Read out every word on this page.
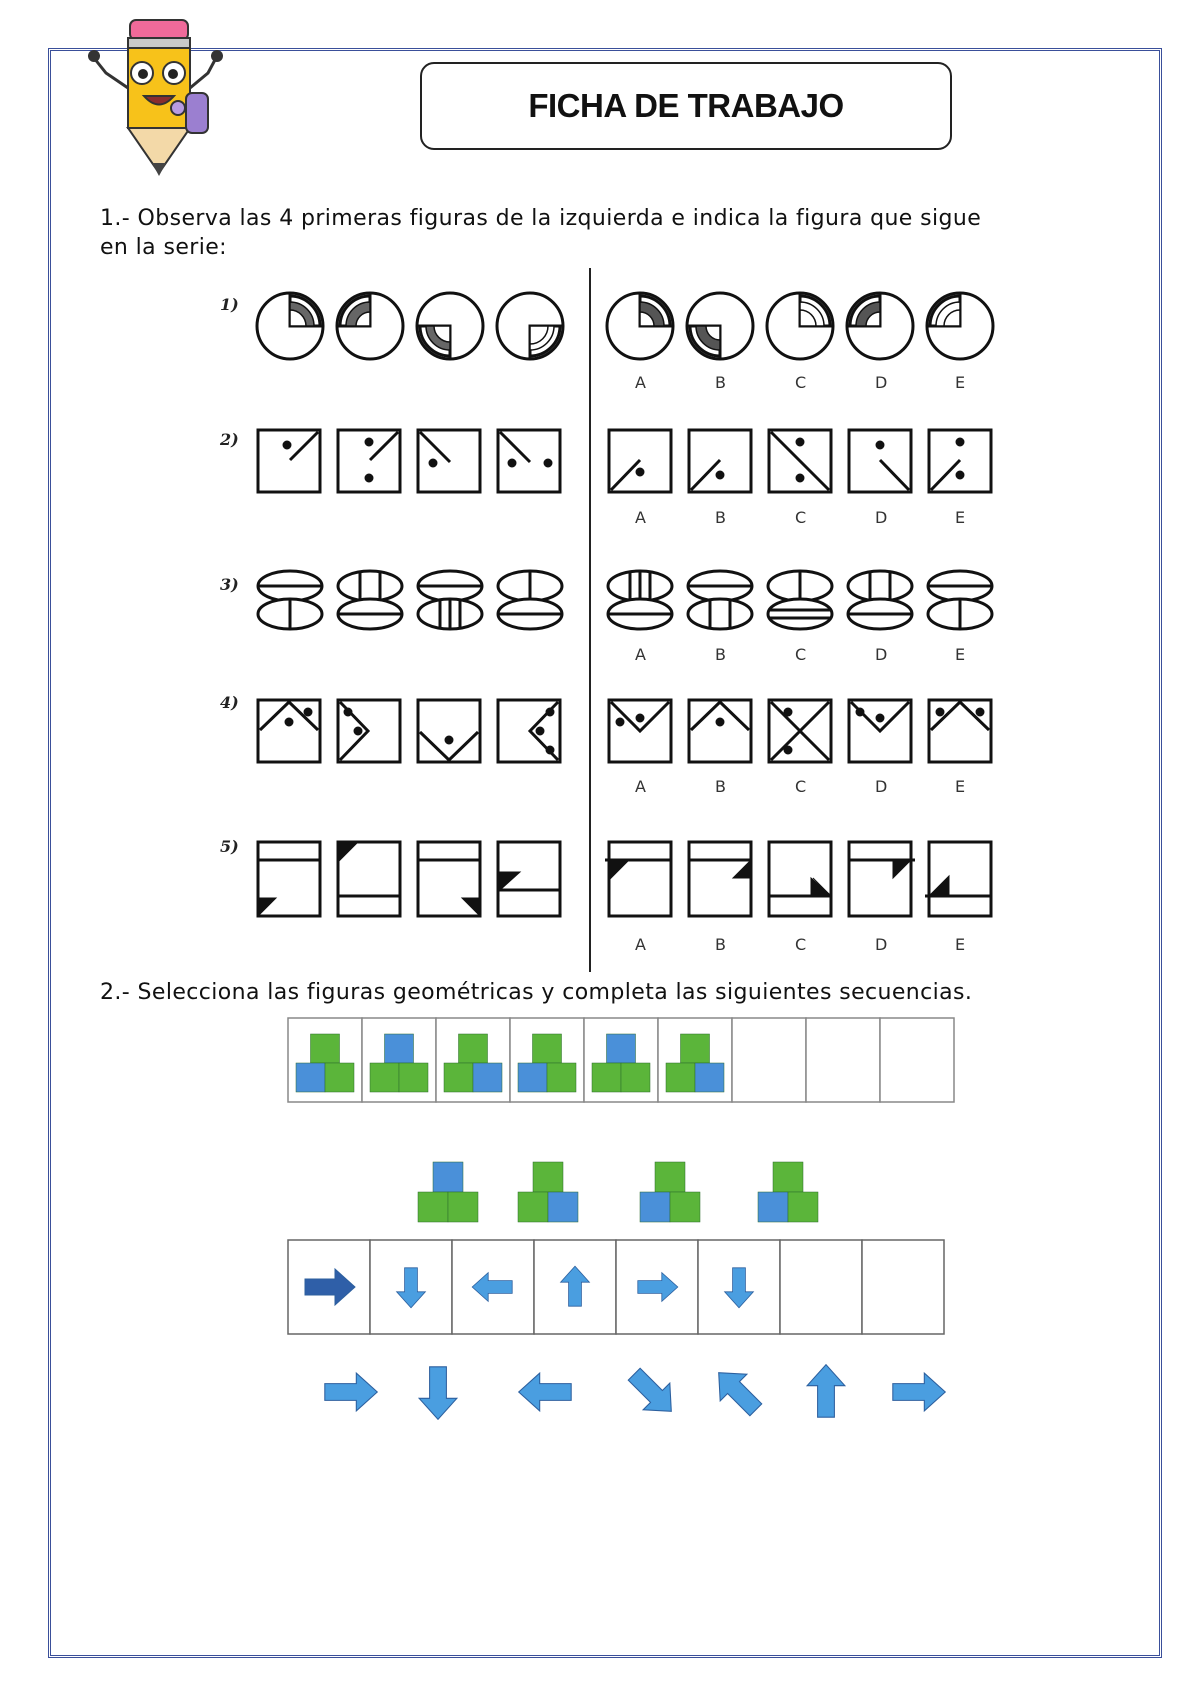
FICHA DE TRABAJO
1.- Observa las 4 primeras figuras de la izquierda e indica la figura que sigue
en la serie:
1)
2)
3)
4)
5)
A	B	C	D	E
A	B	C	D	E
A	B	C	D	E
A	B	C	D	E
A	B	C	D	E
2.- Selecciona las figuras geométricas y completa las siguientes secuencias.
